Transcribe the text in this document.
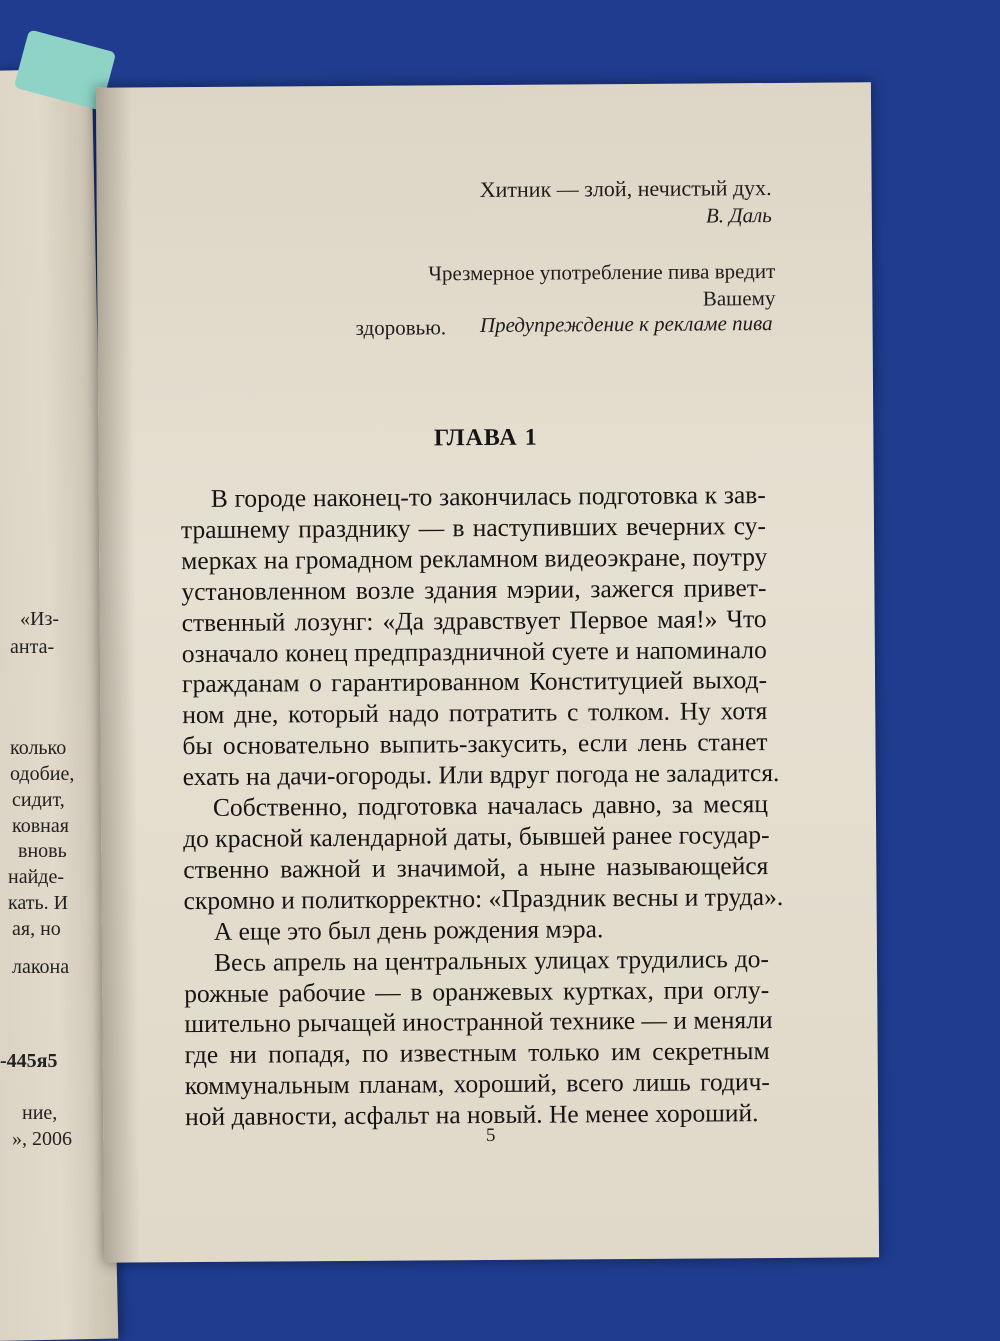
«Из-
анта-
колько
одобие,
сидит,
ковная
вновь
найде-
кать. И
ая, но
лакона
-445я5
ние,
», 2006
Хитник — злой, нечистый дух.
В. Даль
Чрезмерное употребление пива вредит Вашему
здоровью.	Предупреждение к рекламе пива
ГЛАВА 1
В городе наконец-то закончилась подготовка к зав-
трашнему празднику — в наступивших вечерних су-
мерках на громадном рекламном видеоэкране, поутру
установленном возле здания мэрии, зажегся привет-
ственный лозунг: «Да здравствует Первое мая!» Что
означало конец предпраздничной суете и напоминало
гражданам о гарантированном Конституцией выход-
ном дне, который надо потратить с толком. Ну хотя
бы основательно выпить-закусить, если лень станет
ехать на дачи-огороды. Или вдруг погода не заладится.
Собственно, подготовка началась давно, за месяц
до красной календарной даты, бывшей ранее государ-
ственно важной и значимой, а ныне называющейся
скромно и политкорректно: «Праздник весны и труда».
А еще это был день рождения мэра.
Весь апрель на центральных улицах трудились до-
рожные рабочие — в оранжевых куртках, при оглу-
шительно рычащей иностранной технике — и меняли
где ни попадя, по известным только им секретным
коммунальным планам, хороший, всего лишь годич-
ной давности, асфальт на новый. Не менее хороший.
5
